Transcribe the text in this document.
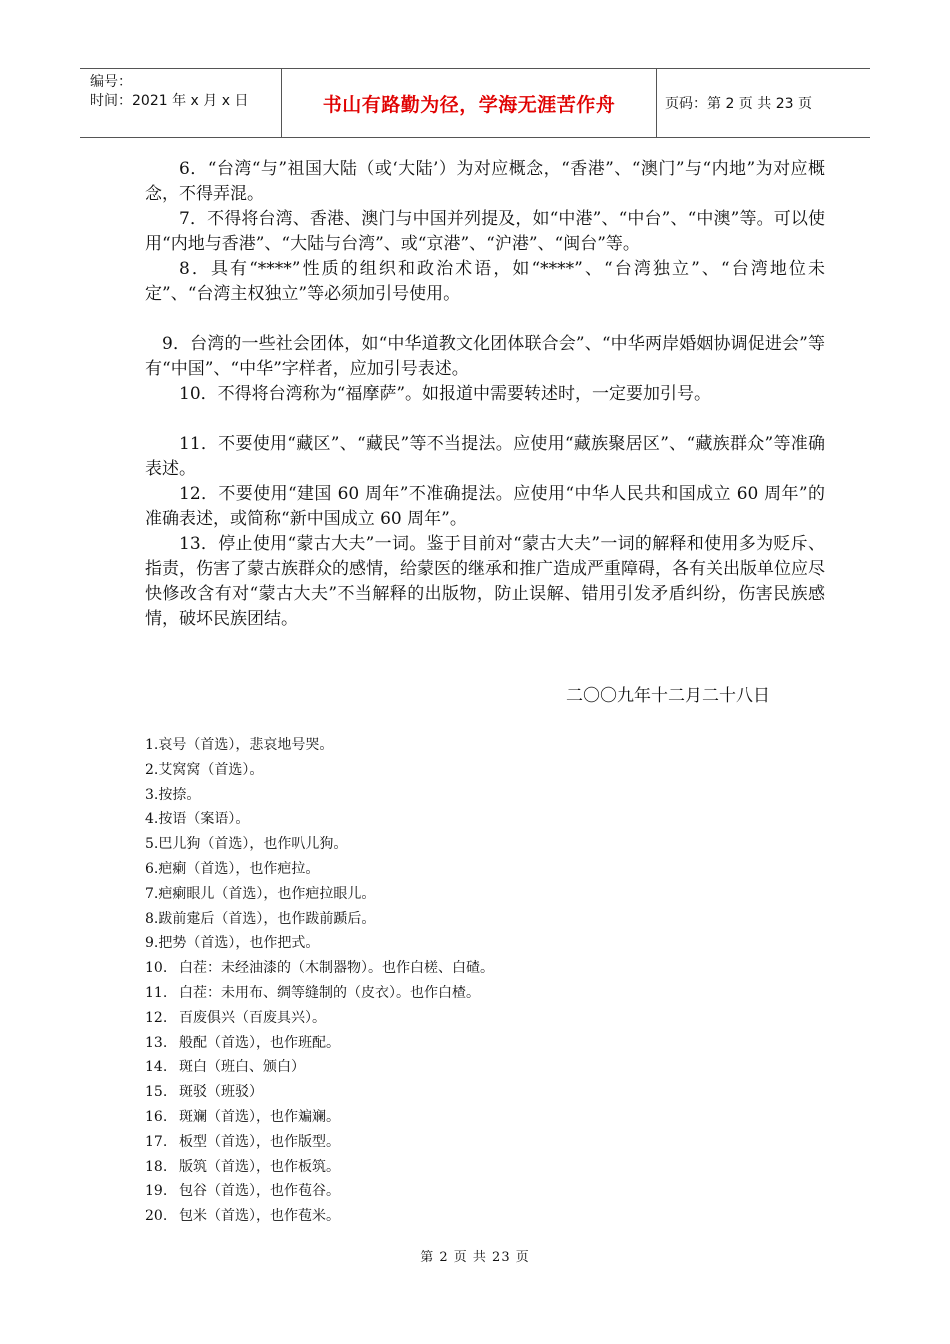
编号：
时间：2021 年 x 月 x 日	书山有路勤为径，学海无涯苦作舟	页码：第 2 页 共 23 页

6．“台湾“与”祖国大陆（或‘大陆’）为对应概念，“香港”、“澳门”与“内地”为对应概念，不得弄混。

7．不得将台湾、香港、澳门与中国并列提及，如“中港”、“中台”、“中澳”等。可以使用“内地与香港”、“大陆与台湾”、或“京港”、“沪港”、“闽台”等。

8．具有“****”性质的组织和政治术语，如“****”、“台湾独立”、“台湾地位未定”、“台湾主权独立”等必须加引号使用。

9．台湾的一些社会团体，如“中华道教文化团体联合会”、“中华两岸婚姻协调促进会”等有“中国”、“中华”字样者，应加引号表述。

10．不得将台湾称为“福摩萨”。如报道中需要转述时，一定要加引号。

11．不要使用“藏区”、“藏民”等不当提法。应使用“藏族聚居区”、“藏族群众”等准确表述。

12．不要使用“建国 60 周年”不准确提法。应使用“中华人民共和国成立 60 周年”的准确表述，或简称“新中国成立 60 周年”。

13．停止使用“蒙古大夫”一词。鉴于目前对“蒙古大夫”一词的解释和使用多为贬斥、指责，伤害了蒙古族群众的感情，给蒙医的继承和推广造成严重障碍，各有关出版单位应尽快修改含有对“蒙古大夫”不当解释的出版物，防止误解、错用引发矛盾纠纷，伤害民族感情，破坏民族团结。

二〇〇九年十二月二十八日
1.哀号（首选），悲哀地号哭。
2.艾窝窝（首选）。
3.按捺。
4.按语（案语）。
5.巴儿狗（首选），也作叭儿狗。
6.疤瘌（首选），也作疤拉。
7.疤瘌眼儿（首选），也作疤拉眼儿。
8.跋前疐后（首选），也作跋前踬后。
9.把势（首选），也作把式。
10. 白茬：未经油漆的（木制器物）。也作白槎、白碴。
11. 白茬：未用布、绸等缝制的（皮衣）。也作白楂。
12. 百废俱兴（百废具兴）。
13. 般配（首选），也作班配。
14. 斑白（班白、颁白）
15. 斑驳（班驳）
16. 斑斓（首选），也作斒斓。
17. 板型（首选），也作版型。
18. 版筑（首选），也作板筑。
19. 包谷（首选），也作苞谷。
20. 包米（首选），也作苞米。
第 2 页 共 23 页
